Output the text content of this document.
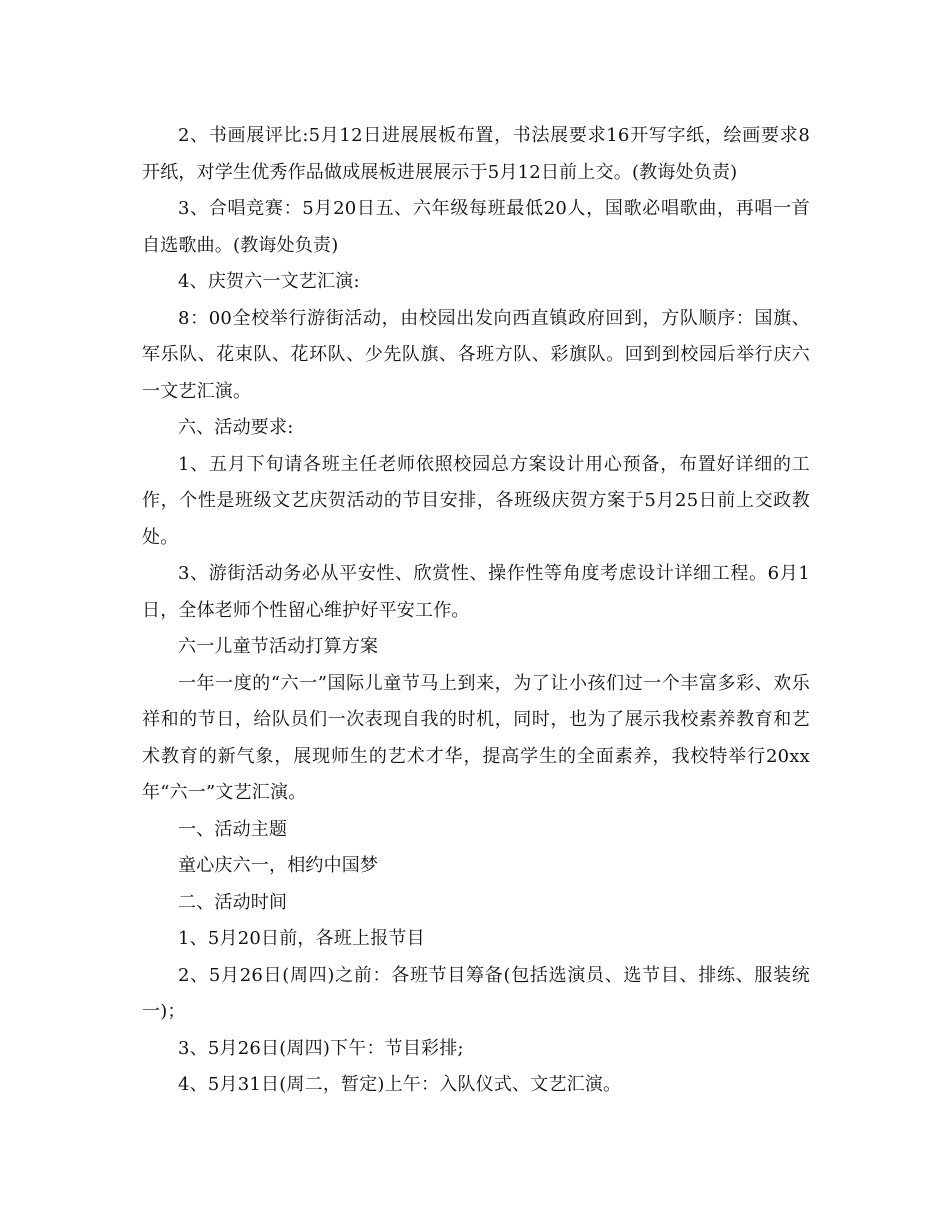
2、书画展评比:5月12日进展展板布置，书法展要求16开写字纸，绘画要求8开纸，对学生优秀作品做成展板进展展示于5月12日前上交。(教诲处负责)

3、合唱竞赛：5月20日五、六年级每班最低20人，国歌必唱歌曲，再唱一首自选歌曲。(教诲处负责)

4、庆贺六一文艺汇演:

8：00全校举行游街活动，由校园出发向西直镇政府回到，方队顺序：国旗、军乐队、花束队、花环队、少先队旗、各班方队、彩旗队。回到到校园后举行庆六一文艺汇演。

六、活动要求:

1、五月下旬请各班主任老师依照校园总方案设计用心预备，布置好详细的工作，个性是班级文艺庆贺活动的节目安排，各班级庆贺方案于5月25日前上交政教处。

3、游街活动务必从平安性、欣赏性、操作性等角度考虑设计详细工程。6月1日，全体老师个性留心维护好平安工作。

六一儿童节活动打算方案

一年一度的“六一”国际儿童节马上到来，为了让小孩们过一个丰富多彩、欢乐祥和的节日，给队员们一次表现自我的时机，同时，也为了展示我校素养教育和艺术教育的新气象，展现师生的艺术才华，提高学生的全面素养，我校特举行20xx年“六一”文艺汇演。

一、活动主题

童心庆六一，相约中国梦

二、活动时间

1、5月20日前，各班上报节目

2、5月26日(周四)之前：各班节目筹备(包括选演员、选节目、排练、服装统一)；

3、5月26日(周四)下午：节目彩排;

4、5月31日(周二，暂定)上午：入队仪式、文艺汇演。
